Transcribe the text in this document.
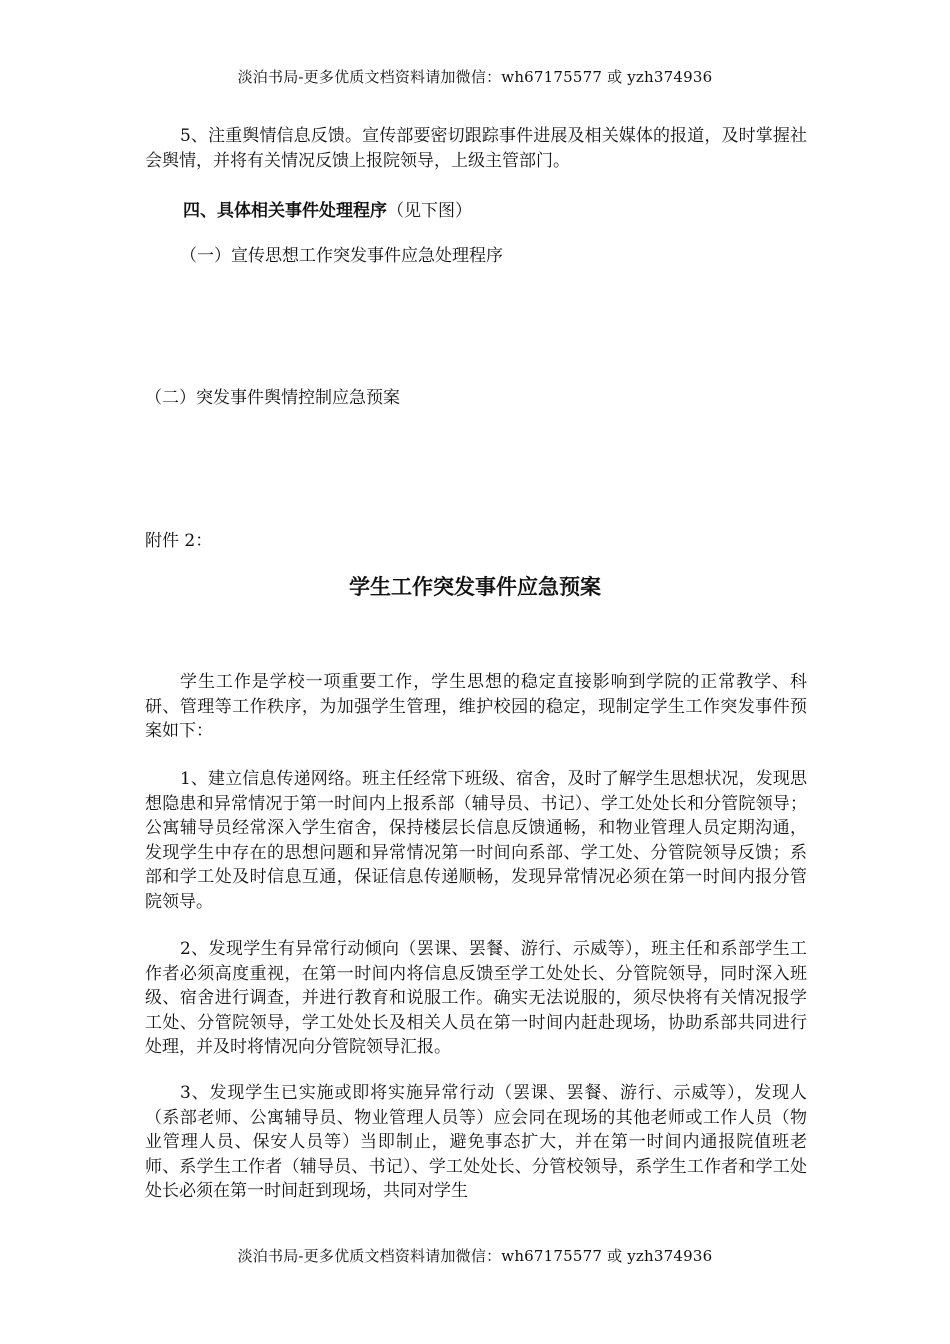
淡泊书局-更多优质文档资料请加微信：wh67175577 或 yzh374936

5、注重舆情信息反馈。宣传部要密切跟踪事件进展及相关媒体的报道，及时掌握社会舆情，并将有关情况反馈上报院领导，上级主管部门。

四、具体相关事件处理程序（见下图）

（一）宣传思想工作突发事件应急处理程序

（二）突发事件舆情控制应急预案

附件 2：

学生工作突发事件应急预案

学生工作是学校一项重要工作，学生思想的稳定直接影响到学院的正常教学、科研、管理等工作秩序，为加强学生管理，维护校园的稳定，现制定学生工作突发事件预案如下：

1、建立信息传递网络。班主任经常下班级、宿舍，及时了解学生思想状况，发现思想隐患和异常情况于第一时间内上报系部（辅导员、书记）、学工处处长和分管院领导；公寓辅导员经常深入学生宿舍，保持楼层长信息反馈通畅，和物业管理人员定期沟通，发现学生中存在的思想问题和异常情况第一时间向系部、学工处、分管院领导反馈；系部和学工处及时信息互通，保证信息传递顺畅，发现异常情况必须在第一时间内报分管院领导。

2、发现学生有异常行动倾向（罢课、罢餐、游行、示威等），班主任和系部学生工作者必须高度重视，在第一时间内将信息反馈至学工处处长、分管院领导，同时深入班级、宿舍进行调查，并进行教育和说服工作。确实无法说服的，须尽快将有关情况报学工处、分管院领导，学工处处长及相关人员在第一时间内赶赴现场，协助系部共同进行处理，并及时将情况向分管院领导汇报。

3、发现学生已实施或即将实施异常行动（罢课、罢餐、游行、示威等），发现人（系部老师、公寓辅导员、物业管理人员等）应会同在现场的其他老师或工作人员（物业管理人员、保安人员等）当即制止，避免事态扩大，并在第一时间内通报院值班老师、系学生工作者（辅导员、书记）、学工处处长、分管校领导，系学生工作者和学工处处长必须在第一时间赶到现场，共同对学生

淡泊书局-更多优质文档资料请加微信：wh67175577 或 yzh374936
